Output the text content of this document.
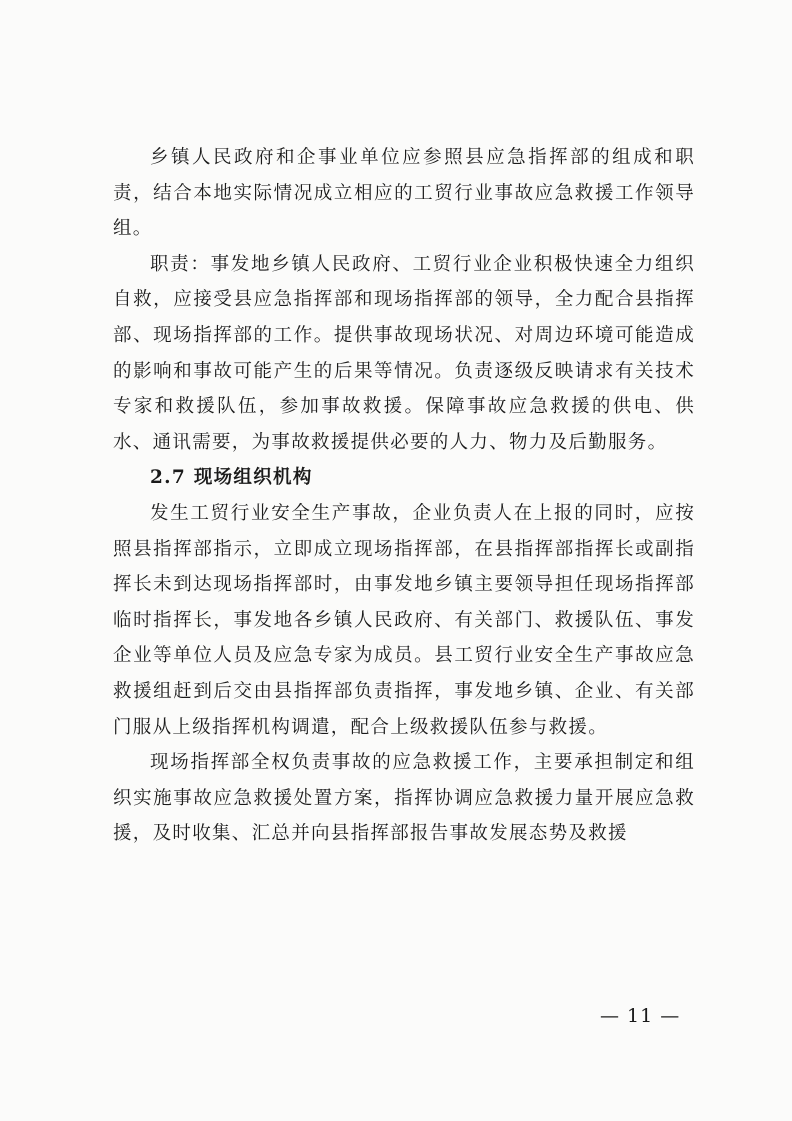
乡镇人民政府和企事业单位应参照县应急指挥部的组成和职责，结合本地实际情况成立相应的工贸行业事故应急救援工作领导组。

职责：事发地乡镇人民政府、工贸行业企业积极快速全力组织自救，应接受县应急指挥部和现场指挥部的领导，全力配合县指挥部、现场指挥部的工作。提供事故现场状况、对周边环境可能造成的影响和事故可能产生的后果等情况。负责逐级反映请求有关技术专家和救援队伍，参加事故救援。保障事故应急救援的供电、供水、通讯需要，为事故救援提供必要的人力、物力及后勤服务。

2.7 现场组织机构

发生工贸行业安全生产事故，企业负责人在上报的同时，应按照县指挥部指示，立即成立现场指挥部，在县指挥部指挥长或副指挥长未到达现场指挥部时，由事发地乡镇主要领导担任现场指挥部临时指挥长，事发地各乡镇人民政府、有关部门、救援队伍、事发企业等单位人员及应急专家为成员。县工贸行业安全生产事故应急救援组赶到后交由县指挥部负责指挥，事发地乡镇、企业、有关部门服从上级指挥机构调遣，配合上级救援队伍参与救援。

现场指挥部全权负责事故的应急救援工作，主要承担制定和组织实施事故应急救援处置方案，指挥协调应急救援力量开展应急救援，及时收集、汇总并向县指挥部报告事故发展态势及救援

— 11 —
